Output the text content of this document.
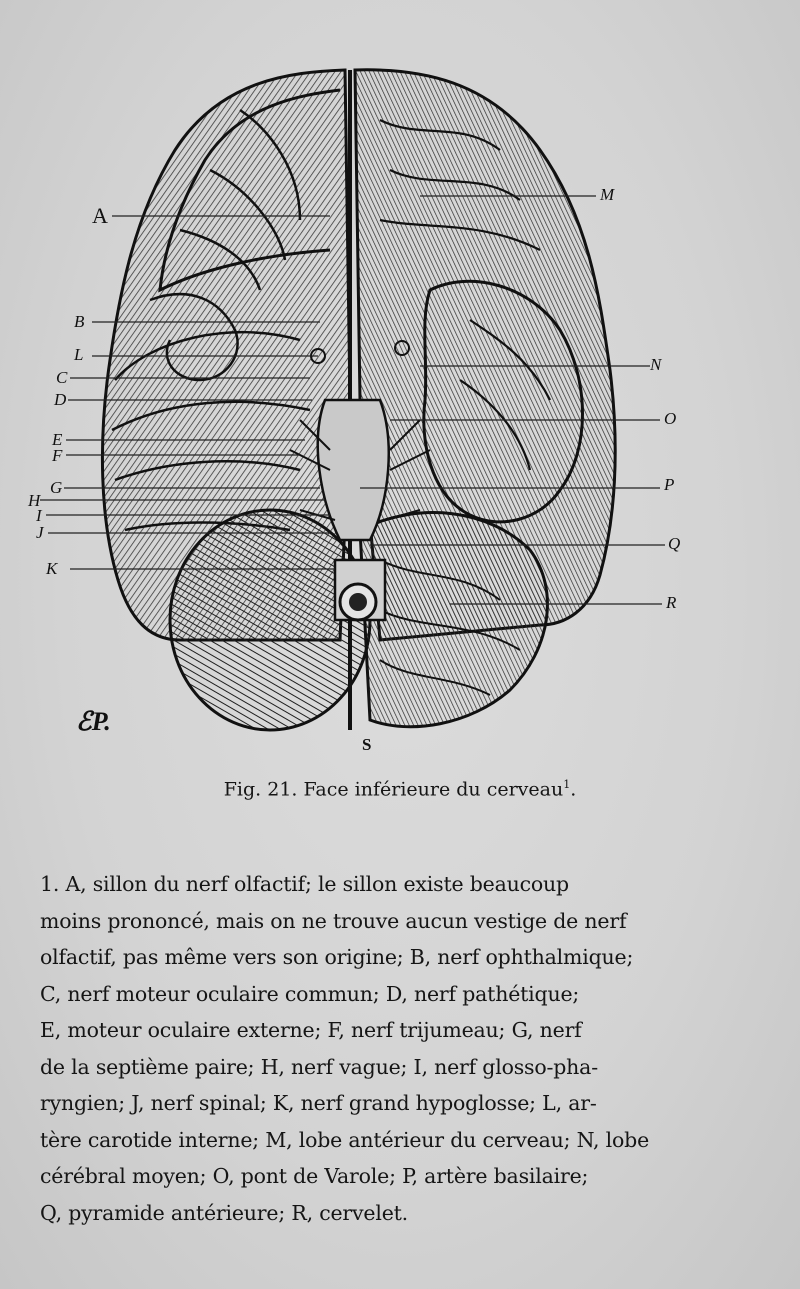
A
B
L
C
D
E
F
G
H
I
J
K
M
N
O
P
Q
R
S
ℰP.
Fig. 21. Face inférieure du cerveau$^1$.
1. A, sillon du nerf olfactif; le sillon existe beaucoup
moins prononcé, mais on ne trouve aucun vestige de nerf
olfactif, pas même vers son origine; B, nerf ophthalmique;
C, nerf moteur oculaire commun; D, nerf pathétique;
E, moteur oculaire externe; F, nerf trijumeau; G, nerf
de la septième paire; H, nerf vague; I, nerf glosso-pha-
ryngien; J, nerf spinal; K, nerf grand hypoglosse; L, ar-
tère carotide interne; M, lobe antérieur du cerveau; N, lobe
cérébral moyen; O, pont de Varole; P, artère basilaire;
Q, pyramide antérieure; R, cervelet.
